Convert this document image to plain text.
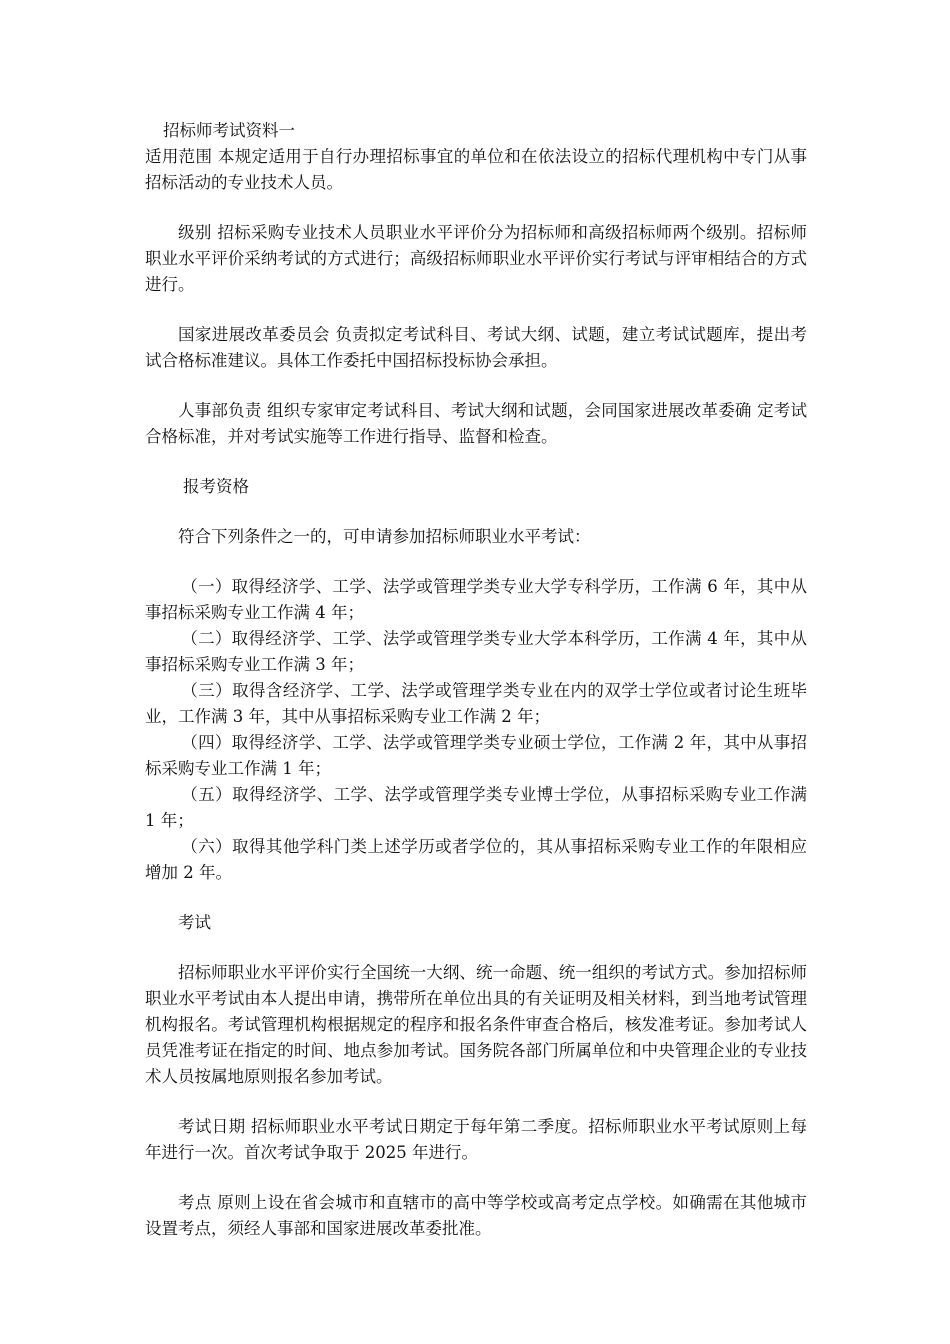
招标师考试资料一

适用范围 本规定适用于自行办理招标事宜的单位和在依法设立的招标代理机构中专门从事招标活动的专业技术人员。

级别 招标采购专业技术人员职业水平评价分为招标师和高级招标师两个级别。招标师职业水平评价采纳考试的方式进行；高级招标师职业水平评价实行考试与评审相结合的方式进行。

国家进展改革委员会 负责拟定考试科目、考试大纲、试题，建立考试试题库，提出考试合格标准建议。具体工作委托中国招标投标协会承担。

人事部负责 组织专家审定考试科目、考试大纲和试题，会同国家进展改革委确 定考试合格标准，并对考试实施等工作进行指导、监督和检查。

报考资格

符合下列条件之一的，可申请参加招标师职业水平考试：

（一）取得经济学、工学、法学或管理学类专业大学专科学历，工作满 6 年，其中从事招标采购专业工作满 4 年；

（二）取得经济学、工学、法学或管理学类专业大学本科学历，工作满 4 年，其中从事招标采购专业工作满 3 年；

（三）取得含经济学、工学、法学或管理学类专业在内的双学士学位或者讨论生班毕业，工作满 3 年，其中从事招标采购专业工作满 2 年；

（四）取得经济学、工学、法学或管理学类专业硕士学位，工作满 2 年，其中从事招标采购专业工作满 1 年；

（五）取得经济学、工学、法学或管理学类专业博士学位，从事招标采购专业工作满 1 年；

（六）取得其他学科门类上述学历或者学位的，其从事招标采购专业工作的年限相应增加 2 年。

考试

招标师职业水平评价实行全国统一大纲、统一命题、统一组织的考试方式。参加招标师职业水平考试由本人提出申请，携带所在单位出具的有关证明及相关材料，到当地考试管理机构报名。考试管理机构根据规定的程序和报名条件审查合格后，核发准考证。参加考试人员凭准考证在指定的时间、地点参加考试。国务院各部门所属单位和中央管理企业的专业技术人员按属地原则报名参加考试。

考试日期 招标师职业水平考试日期定于每年第二季度。招标师职业水平考试原则上每年进行一次。首次考试争取于 2025 年进行。

考点 原则上设在省会城市和直辖市的高中等学校或高考定点学校。如确需在其他城市设置考点，须经人事部和国家进展改革委批准。
